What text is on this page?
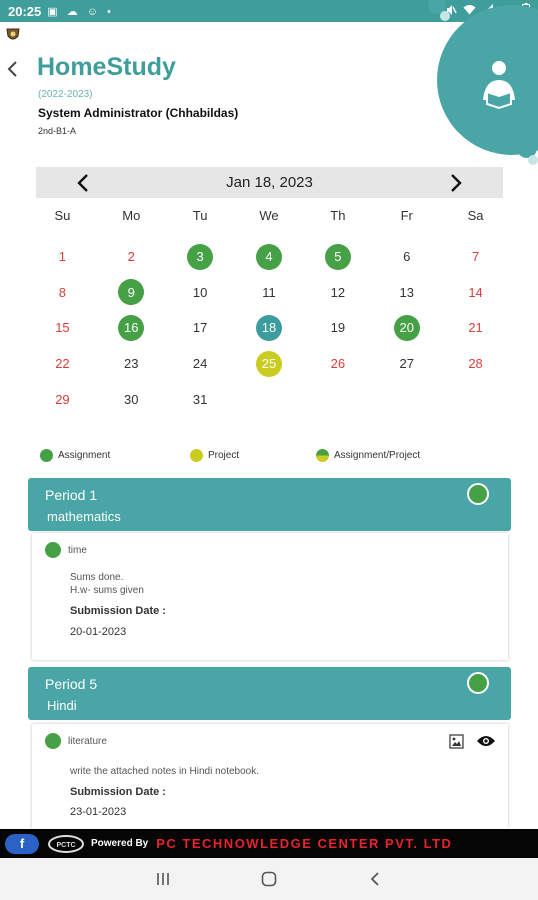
20:25 ▣ ☁ ☺ •
HomeStudy
(2022-2023)
System Administrator (Chhabildas)
2nd-B1-A
Jan 18, 2023
Su	Mo	Tu	We	Th	Fr	Sa
1	2	3	4	5	6	7
8	9	10	11	12	13	14
15	16	17	18	19	20	21
22	23	24	25	26	27	28
29	30	31
Assignment	Project	Assignment/Project
Period 1
mathematics
time
Sums done.
H.w- sums given
Submission Date :
20-01-2023
Period 5
Hindi
literature
write the attached notes in Hindi notebook.
Submission Date :
23-01-2023
f	PCTC Powered By PC TECHNOWLEDGE CENTER PVT. LTD
